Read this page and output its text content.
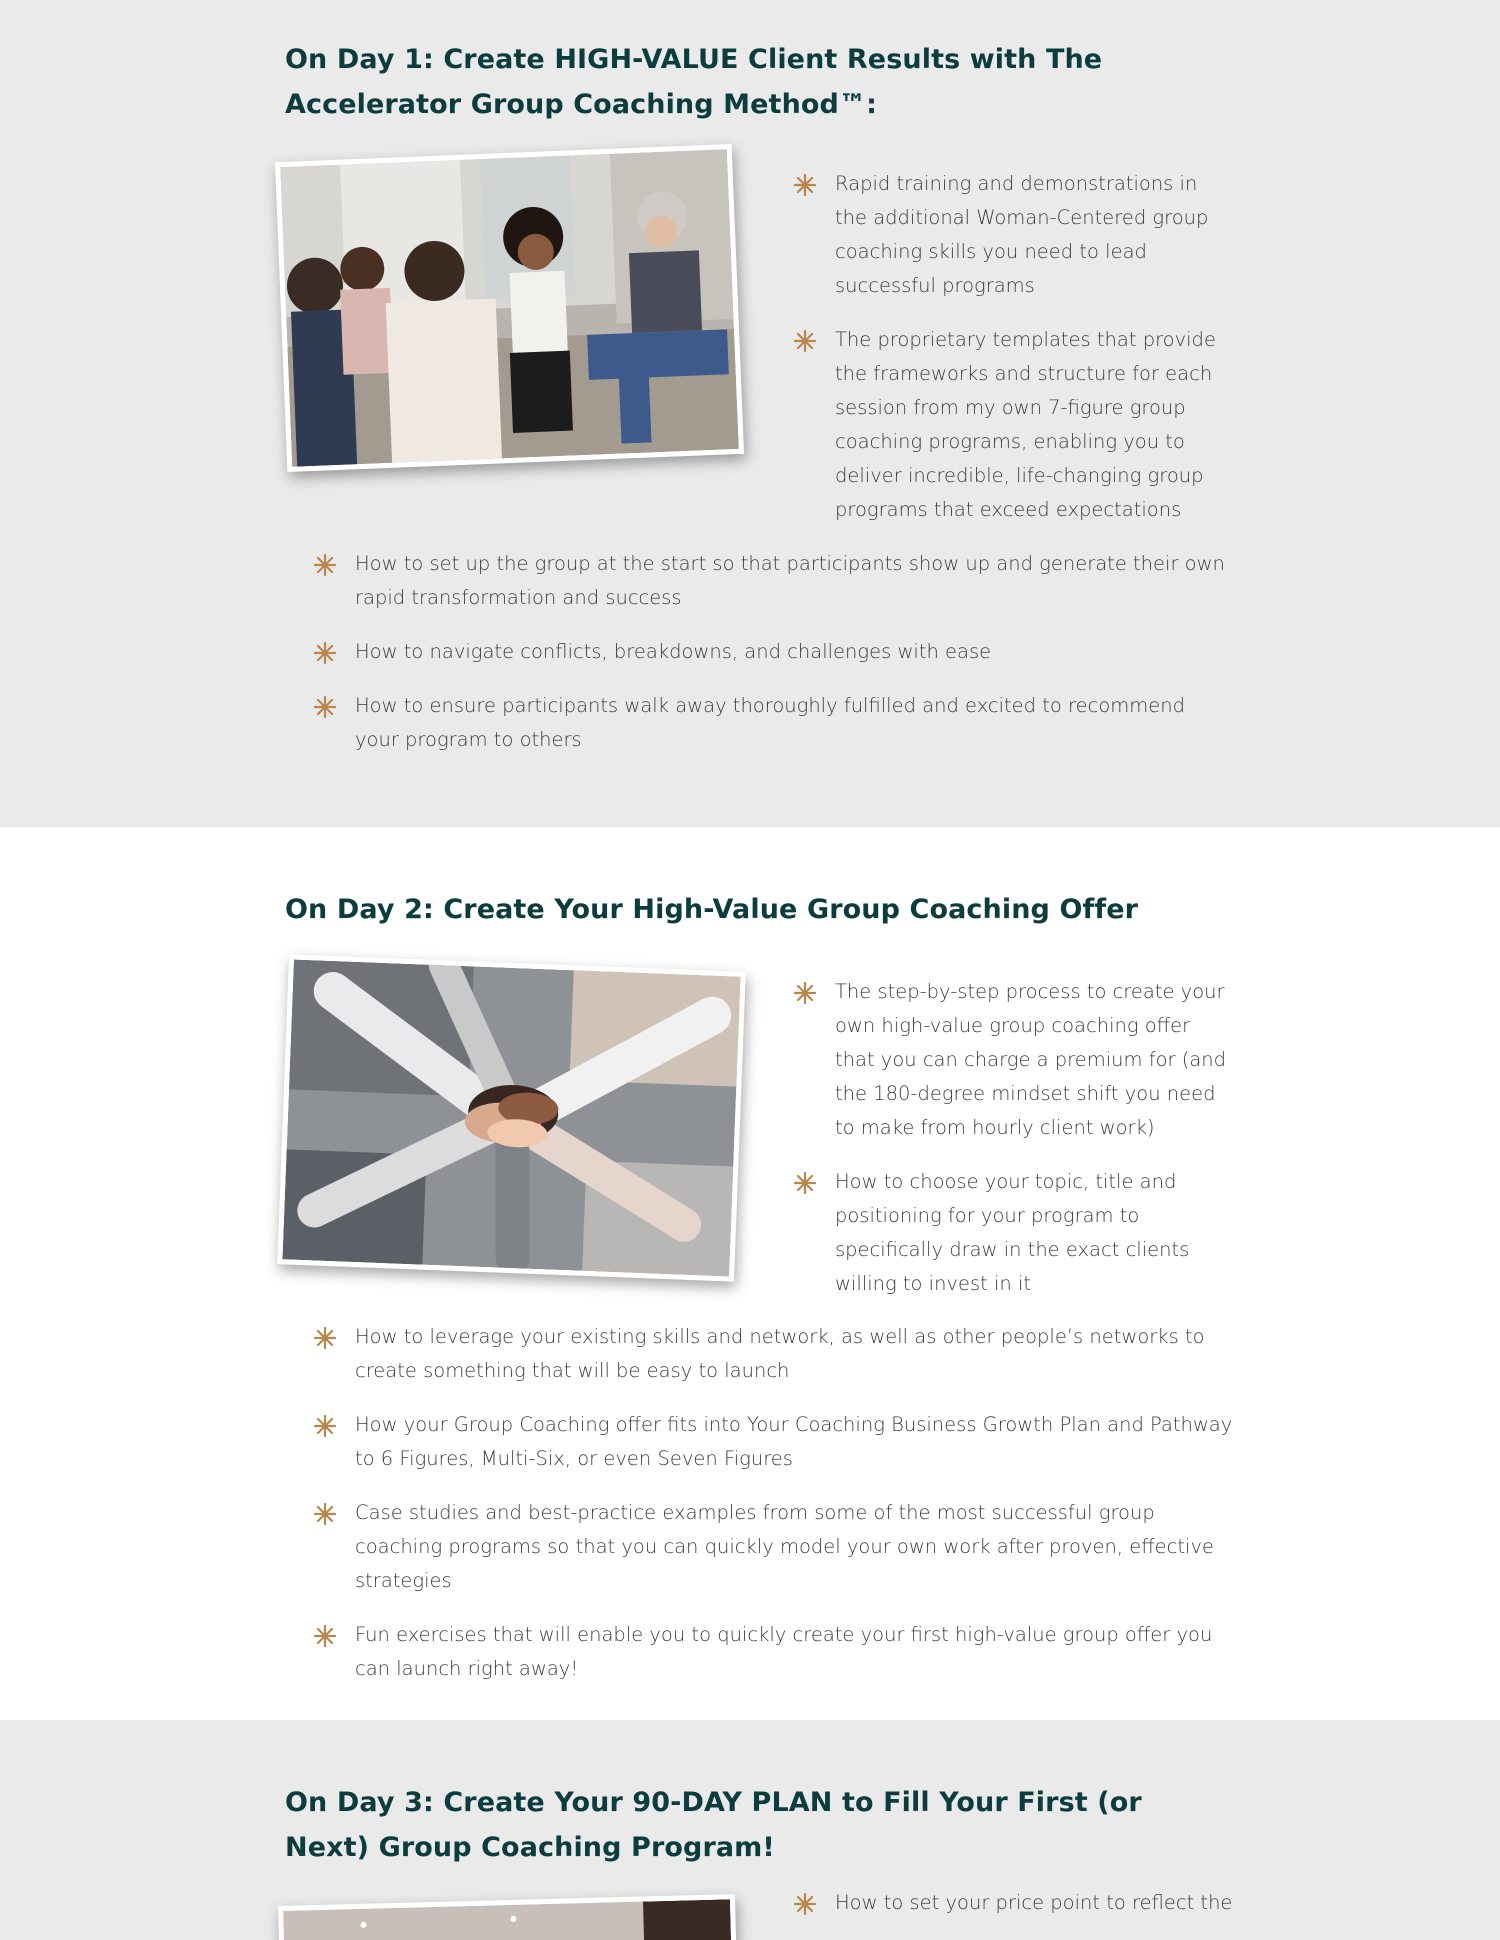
On Day 1: Create HIGH-VALUE Client Results with The Accelerator Group Coaching Method™:
Rapid training and demonstrations in the additional Woman-Centered group coaching skills you need to lead successful programs
The proprietary templates that provide the frameworks and structure for each session from my own 7-figure group coaching programs, enabling you to deliver incredible, life-changing group programs that exceed expectations
How to set up the group at the start so that participants show up and generate their own rapid transformation and success
How to navigate conflicts, breakdowns, and challenges with ease
How to ensure participants walk away thoroughly fulfilled and excited to recommend your program to others
On Day 2: Create Your High-Value Group Coaching Offer
The step-by-step process to create your own high-value group coaching offer that you can charge a premium for (and the 180-degree mindset shift you need to make from hourly client work)
How to choose your topic, title and positioning for your program to specifically draw in the exact clients willing to invest in it
How to leverage your existing skills and network, as well as other people’s networks to create something that will be easy to launch
How your Group Coaching offer fits into Your Coaching Business Growth Plan and Pathway to 6 Figures, Multi-Six, or even Seven Figures
Case studies and best-practice examples from some of the most successful group coaching programs so that you can quickly model your own work after proven, effective strategies
Fun exercises that will enable you to quickly create your first high-value group offer you can launch right away!
On Day 3: Create Your 90-DAY PLAN to Fill Your First (or Next) Group Coaching Program!
How to set your price point to reflect the
